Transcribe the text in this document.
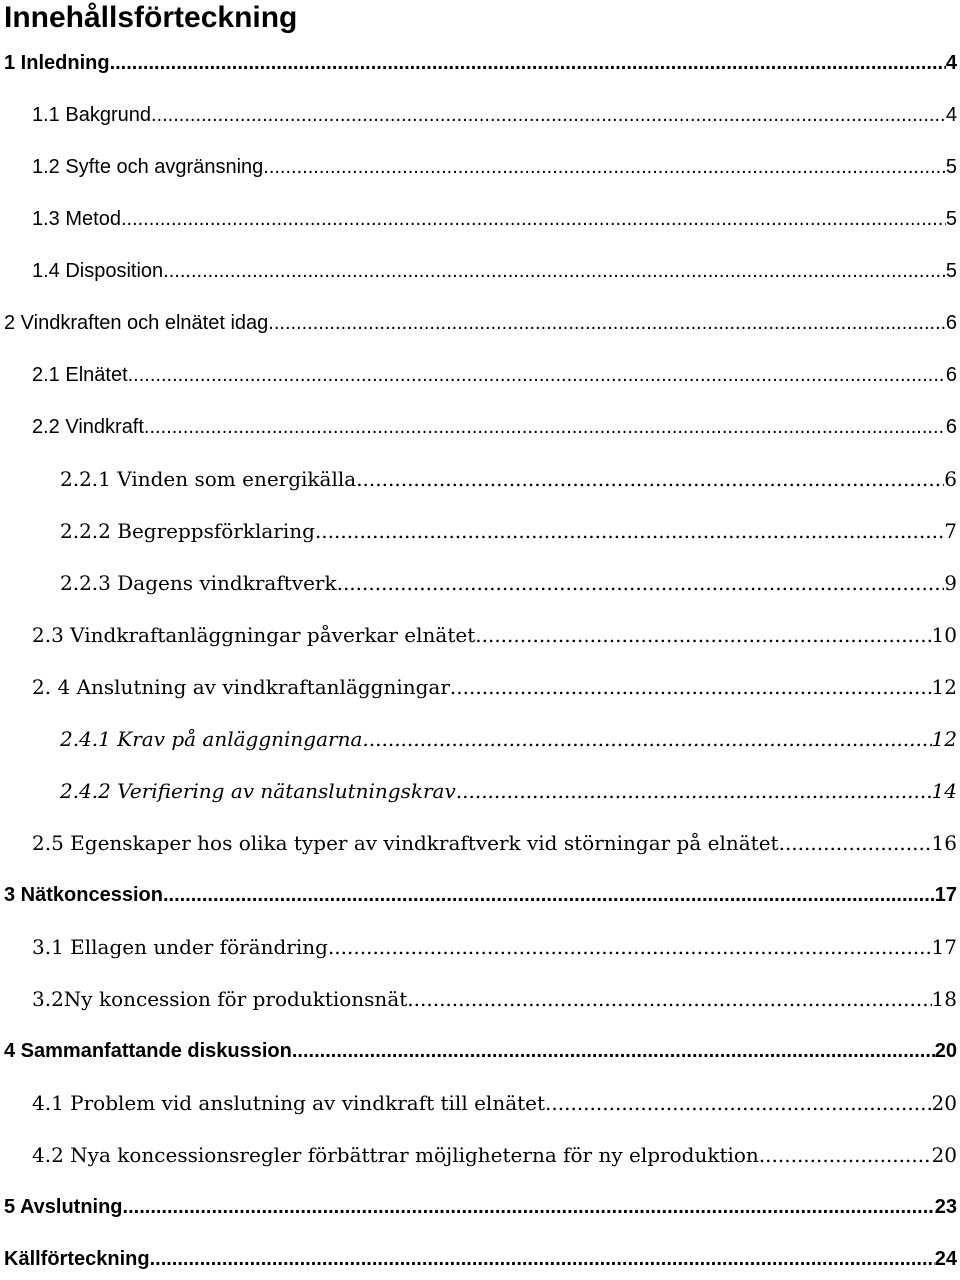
Innehållsförteckning
1 Inledning .....	4
1.1 Bakgrund .....	4
1.2 Syfte och avgränsning .....	5
1.3 Metod .....	5
1.4 Disposition .....	5
2 Vindkraften och elnätet idag .....	6
2.1 Elnätet .....	6
2.2 Vindkraft .....	6
2.2.1 Vinden som energikälla .....	6
2.2.2 Begreppsförklaring .....	7
2.2.3 Dagens vindkraftverk .....	9
2.3 Vindkraftanläggningar påverkar elnätet .....	10
2. 4 Anslutning av vindkraftanläggningar .....	12
2.4.1 Krav på anläggningarna .....	12
2.4.2 Verifiering av nätanslutningskrav .....	14
2.5 Egenskaper hos olika typer av vindkraftverk vid störningar på elnätet .....	16
3 Nätkoncession .....	17
3.1 Ellagen under förändring .....	17
3.2Ny koncession för produktionsnät .....	18
4 Sammanfattande diskussion .....	20
4.1 Problem vid anslutning av vindkraft till elnätet .....	20
4.2 Nya koncessionsregler förbättrar möjligheterna för ny elproduktion .....	20
5 Avslutning .....	23
Källförteckning .....	24
